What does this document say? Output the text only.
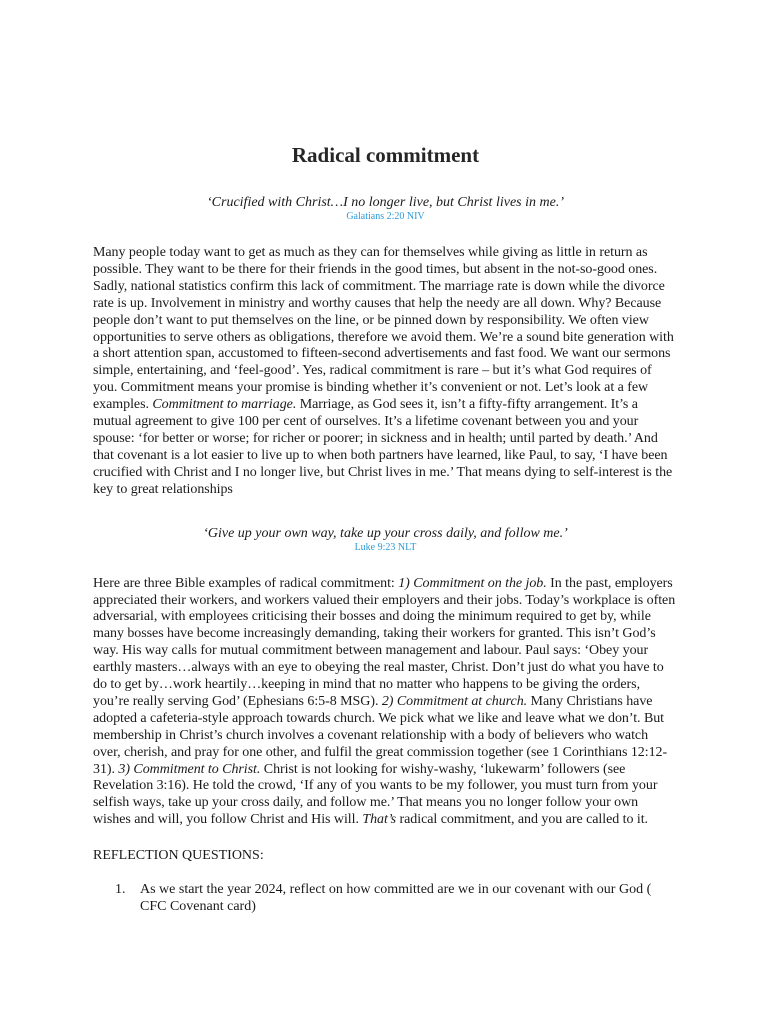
Radical commitment
‘Crucified with Christ…I no longer live, but Christ lives in me.’
Galatians 2:20 NIV

Many people today want to get as much as they can for themselves while giving as little in return as possible. They want to be there for their friends in the good times, but absent in the not-so-good ones. Sadly, national statistics confirm this lack of commitment. The marriage rate is down while the divorce rate is up. Involvement in ministry and worthy causes that help the needy are all down. Why? Because people don’t want to put themselves on the line, or be pinned down by responsibility. We often view opportunities to serve others as obligations, therefore we avoid them. We’re a sound bite generation with a short attention span, accustomed to fifteen-second advertisements and fast food. We want our sermons simple, entertaining, and ‘feel-good’. Yes, radical commitment is rare – but it’s what God requires of you. Commitment means your promise is binding whether it’s convenient or not. Let’s look at a few examples. Commitment to marriage. Marriage, as God sees it, isn’t a fifty-fifty arrangement. It’s a mutual agreement to give 100 per cent of ourselves. It’s a lifetime covenant between you and your spouse: ‘for better or worse; for richer or poorer; in sickness and in health; until parted by death.’ And that covenant is a lot easier to live up to when both partners have learned, like Paul, to say, ‘I have been crucified with Christ and I no longer live, but Christ lives in me.’ That means dying to self-interest is the key to great relationships

‘Give up your own way, take up your cross daily, and follow me.’
Luke 9:23 NLT

Here are three Bible examples of radical commitment: 1) Commitment on the job. In the past, employers appreciated their workers, and workers valued their employers and their jobs. Today’s workplace is often adversarial, with employees criticising their bosses and doing the minimum required to get by, while many bosses have become increasingly demanding, taking their workers for granted. This isn’t God’s way. His way calls for mutual commitment between management and labour. Paul says: ‘Obey your earthly masters…always with an eye to obeying the real master, Christ. Don’t just do what you have to do to get by…work heartily…keeping in mind that no matter who happens to be giving the orders, you’re really serving God’ (Ephesians 6:5-8 MSG). 2) Commitment at church. Many Christians have adopted a cafeteria-style approach towards church. We pick what we like and leave what we don’t. But membership in Christ’s church involves a covenant relationship with a body of believers who watch over, cherish, and pray for one other, and fulfil the great commission together (see 1 Corinthians 12:12-31). 3) Commitment to Christ. Christ is not looking for wishy-washy, ‘lukewarm’ followers (see Revelation 3:16). He told the crowd, ‘If any of you wants to be my follower, you must turn from your selfish ways, take up your cross daily, and follow me.’ That means you no longer follow your own wishes and will, you follow Christ and His will. That’s radical commitment, and you are called to it.

REFLECTION QUESTIONS:
1. As we start the year 2024, reflect on how committed are we in our covenant with our God ( CFC Covenant card)
